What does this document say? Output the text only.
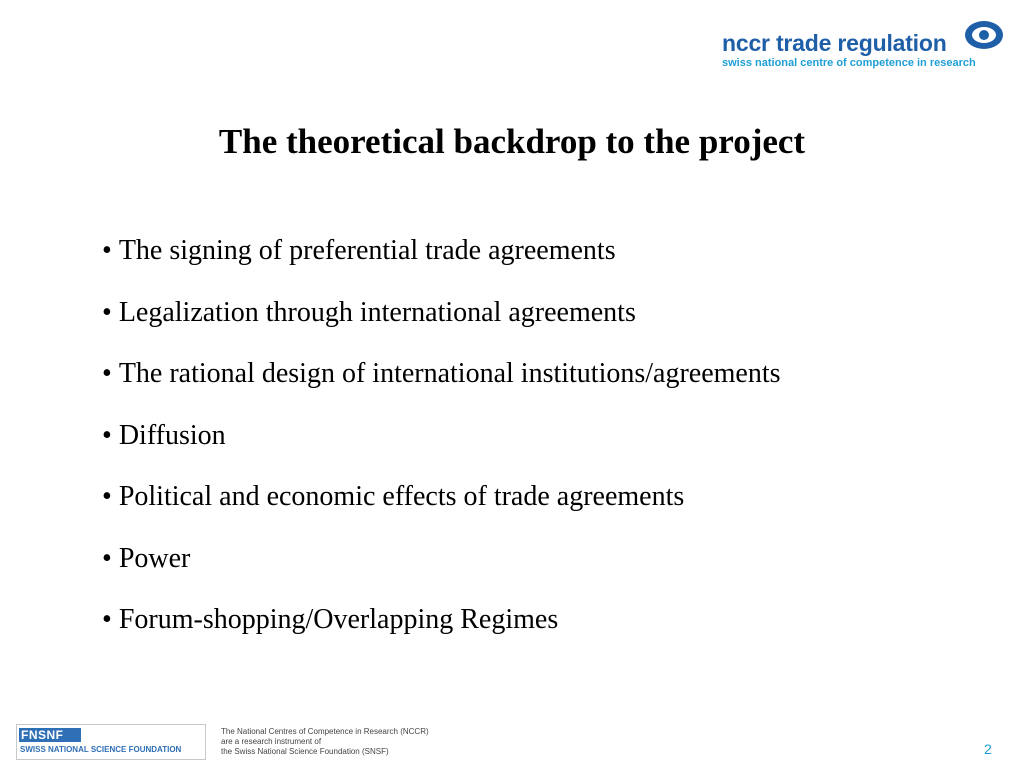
nccr trade regulation
swiss national centre of competence in research
The theoretical backdrop to the project
• The signing of preferential trade agreements
• Legalization through international agreements
• The rational design of international institutions/agreements
• Diffusion
• Political and economic effects of trade agreements
• Power
• Forum-shopping/Overlapping Regimes
FNSNF
SWISS NATIONAL SCIENCE FOUNDATION
The National Centres of Competence in Research (NCCR)
are a research instrument of
the Swiss National Science Foundation (SNSF)	2
